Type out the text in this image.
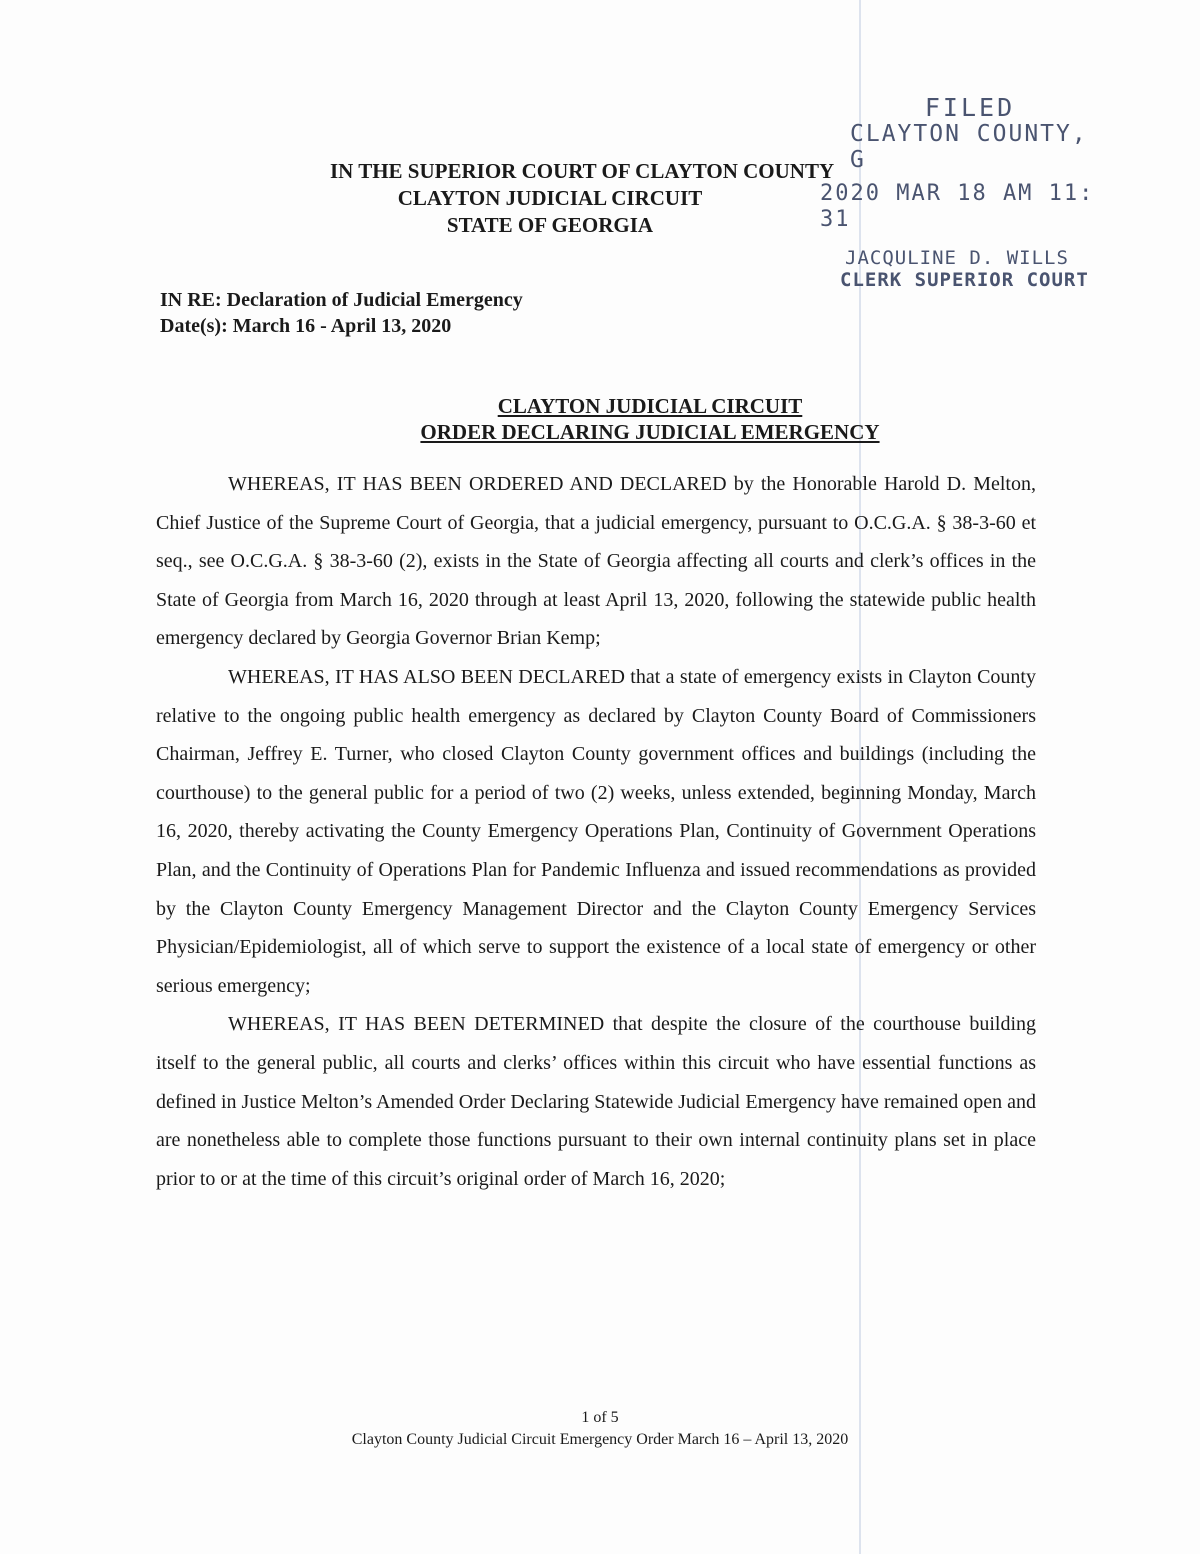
FILED
CLAYTON COUNTY, G
2020 MAR 18 AM 11: 31
JACQULINE D. WILLS
CLERK SUPERIOR COURT
IN THE SUPERIOR COURT OF CLAYTON COUNTY
CLAYTON JUDICIAL CIRCUIT
STATE OF GEORGIA
IN RE: Declaration of Judicial Emergency
Date(s): March 16 - April 13, 2020
CLAYTON JUDICIAL CIRCUIT
ORDER DECLARING JUDICIAL EMERGENCY

WHEREAS, IT HAS BEEN ORDERED AND DECLARED by the Honorable Harold D. Melton, Chief Justice of the Supreme Court of Georgia, that a judicial emergency, pursuant to O.C.G.A. § 38-3-60 et seq., see O.C.G.A. § 38-3-60 (2), exists in the State of Georgia affecting all courts and clerk’s offices in the State of Georgia from March 16, 2020 through at least April 13, 2020, following the statewide public health emergency declared by Georgia Governor Brian Kemp;

WHEREAS, IT HAS ALSO BEEN DECLARED that a state of emergency exists in Clayton County relative to the ongoing public health emergency as declared by Clayton County Board of Commissioners Chairman, Jeffrey E. Turner, who closed Clayton County government offices and buildings (including the courthouse) to the general public for a period of two (2) weeks, unless extended, beginning Monday, March 16, 2020, thereby activating the County Emergency Operations Plan, Continuity of Government Operations Plan, and the Continuity of Operations Plan for Pandemic Influenza and issued recommendations as provided by the Clayton County Emergency Management Director and the Clayton County Emergency Services Physician/Epidemiologist, all of which serve to support the existence of a local state of emergency or other serious emergency;

WHEREAS, IT HAS BEEN DETERMINED that despite the closure of the courthouse building itself to the general public, all courts and clerks’ offices within this circuit who have essential functions as defined in Justice Melton’s Amended Order Declaring Statewide Judicial Emergency have remained open and are nonetheless able to complete those functions pursuant to their own internal continuity plans set in place prior to or at the time of this circuit’s original order of March 16, 2020;

1 of 5
Clayton County Judicial Circuit Emergency Order March 16 – April 13, 2020
